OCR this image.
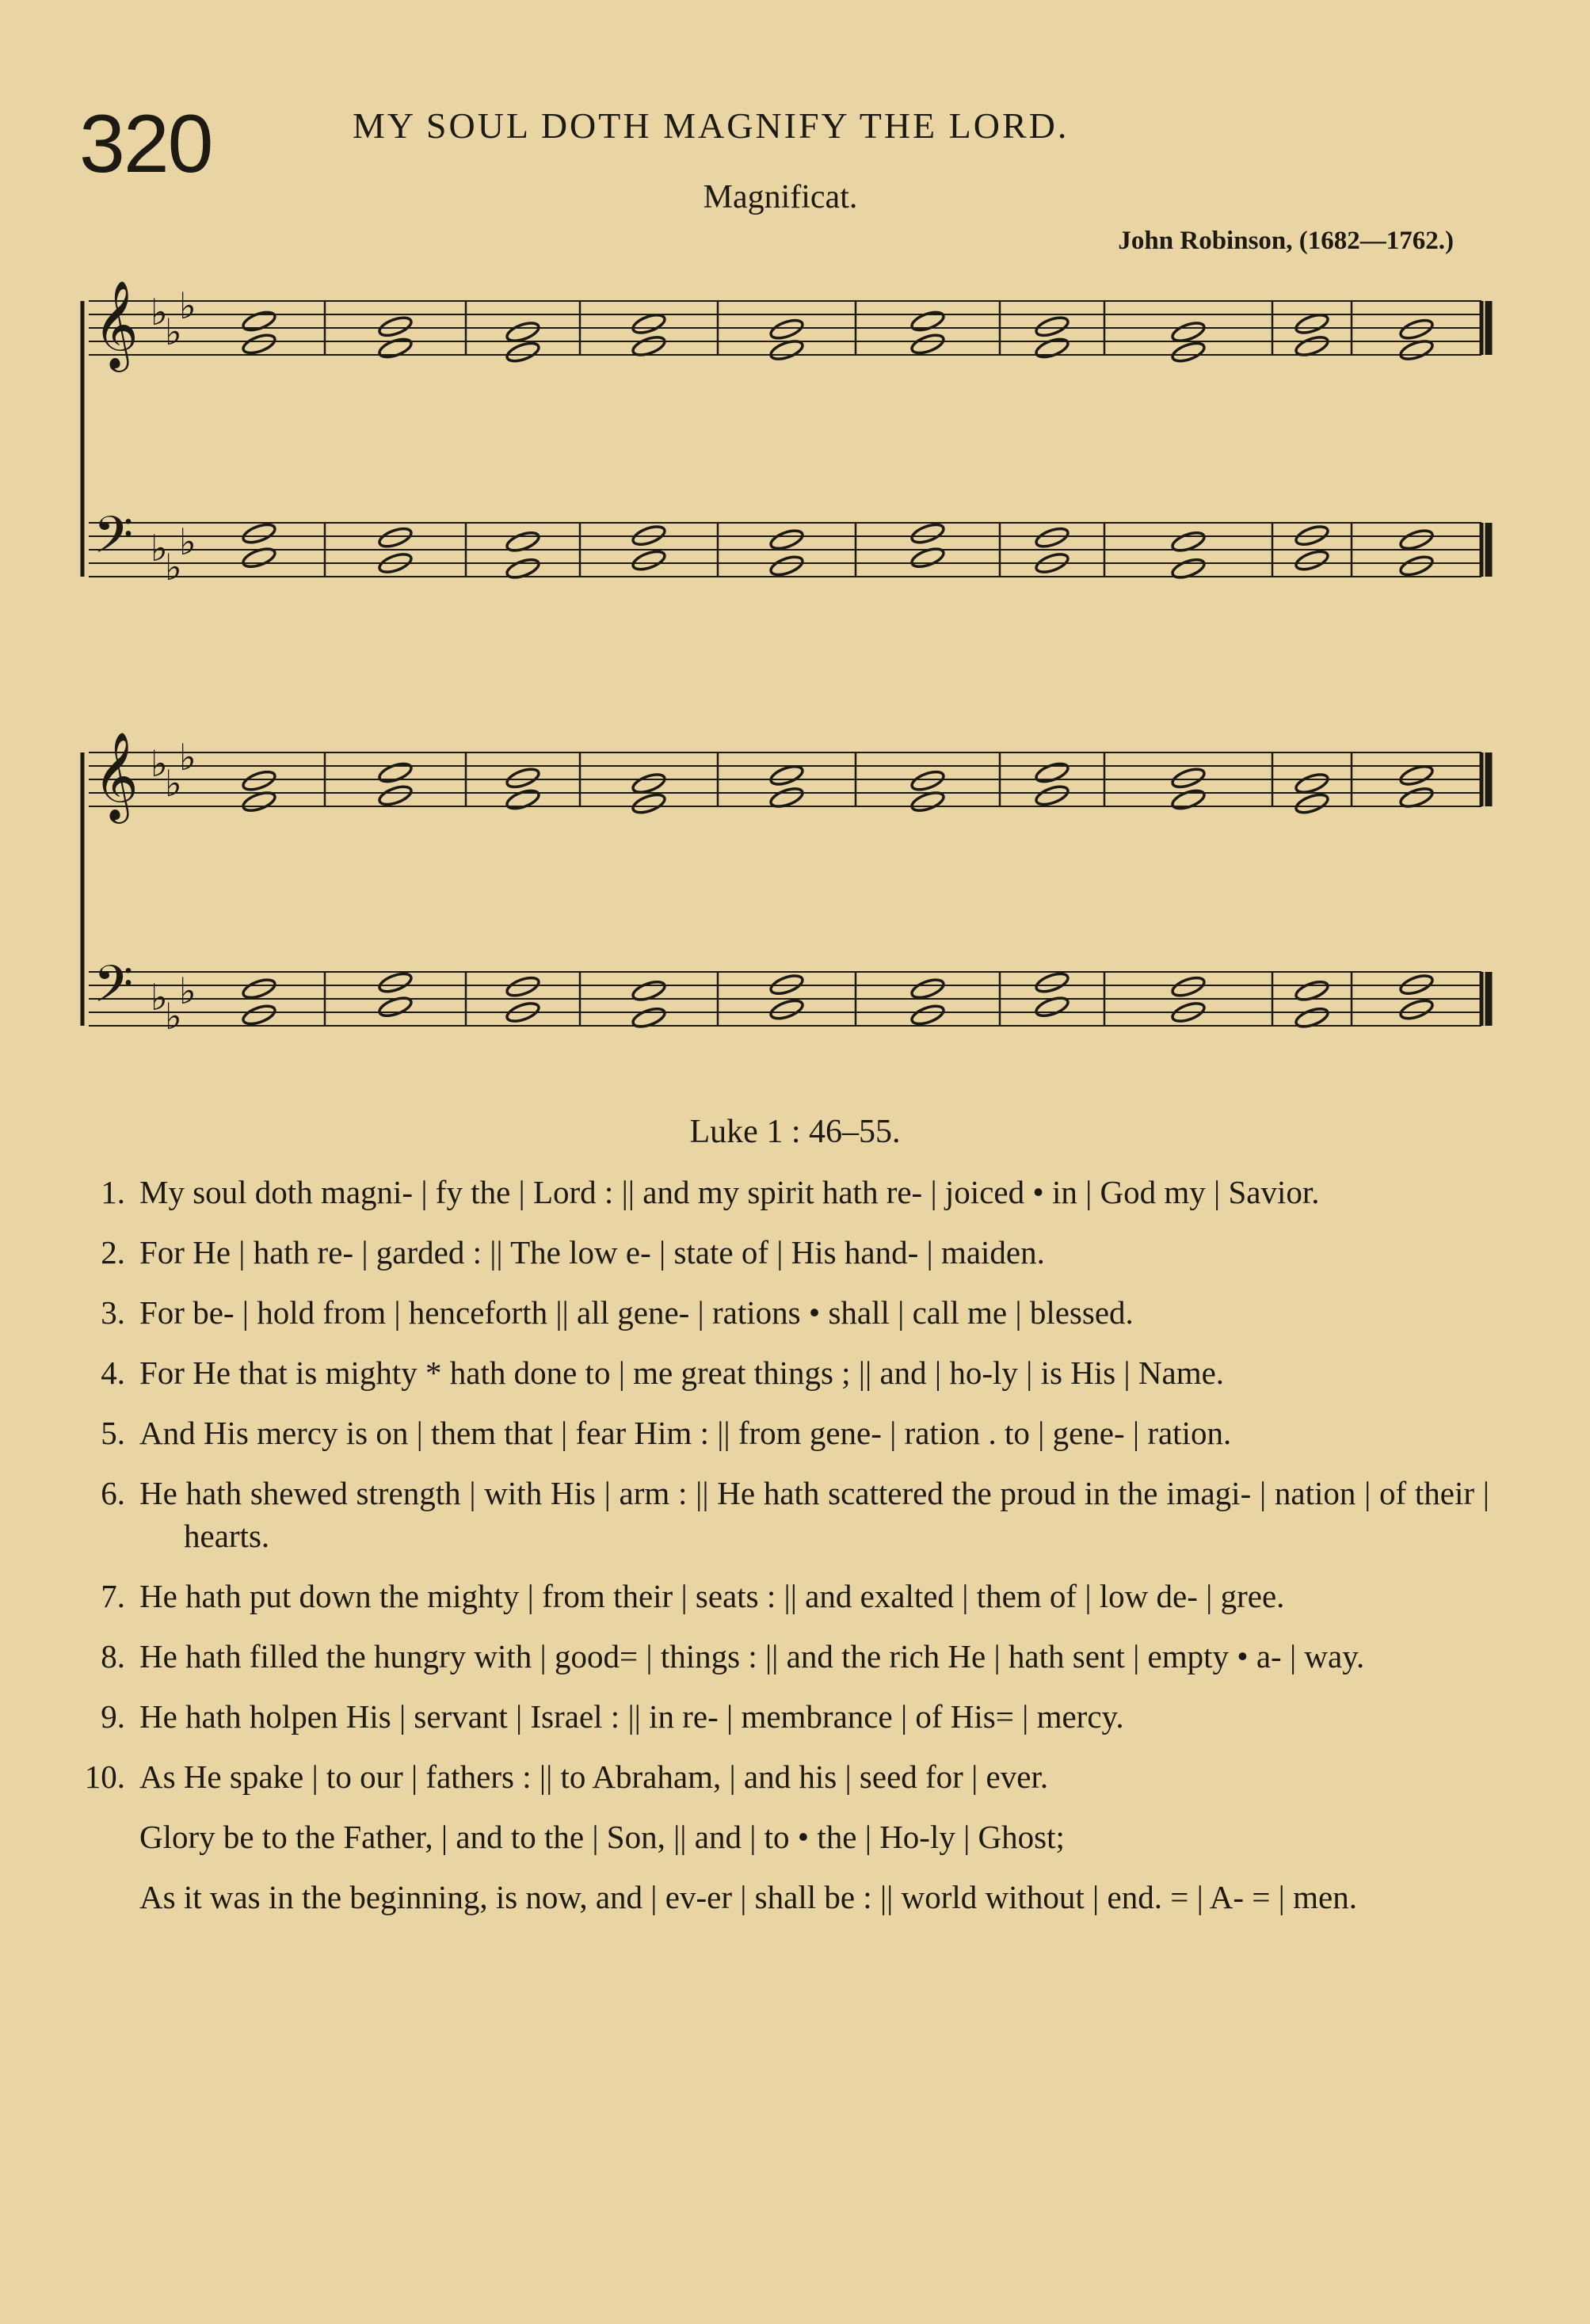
320	MY SOUL DOTH MAGNIFY THE LORD.
Magnificat.
John Robinson, (1682—1762.)
𝄞
𝄢
♭
♭
♭
♭
♭
♭
𝄞
𝄢
♭
♭
♭
♭
♭
♭
Luke 1 : 46–55.
1. My soul doth magni- | fy the | Lord : || and my spirit hath re- | joiced • in | God my | Savior.
2. For He | hath re- | garded : || The low e- | state of | His hand- | maiden.
3. For be- | hold from | henceforth || all gene- | rations • shall | call me | blessed.
4. For He that is mighty * hath done to | me great things ; || and | ho-ly | is His | Name.
5. And His mercy is on | them that | fear Him : || from gene- | ration . to | gene- | ration.
6. He hath shewed strength | with His | arm : || He hath scattered the proud in the imagi- | nation | of their | hearts.
7. He hath put down the mighty | from their | seats : || and exalted | them of | low de- | gree.
8. He hath filled the hungry with | good= | things : || and the rich He | hath sent | empty • a- | way.
9. He hath holpen His | servant | Israel : || in re- | membrance | of His= | mercy.
10. As He spake | to our | fathers : || to Abraham, | and his | seed for | ever.
Glory be to the Father, | and to the | Son, || and | to • the | Ho-ly | Ghost;
As it was in the beginning, is now, and | ev-er | shall be : || world without | end. = | A- = | men.
